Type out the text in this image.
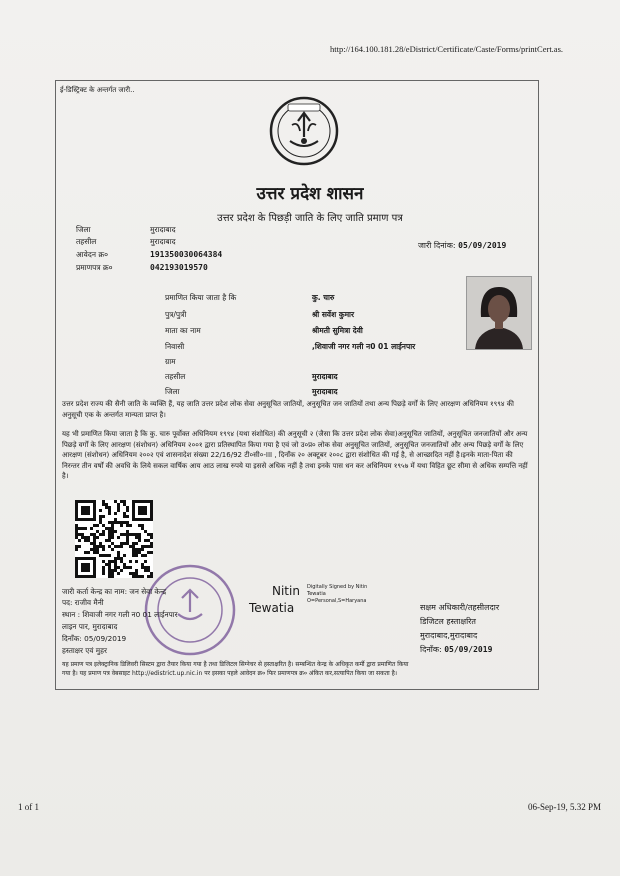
http://164.100.181.28/eDistrict/Certificate/Caste/Forms/printCert.as.
ई-डिस्ट्रिक्ट के अन्तर्गत जारी..
उत्तर प्रदेश शासन
उत्तर प्रदेश के पिछड़ी जाति के लिए जाति प्रमाण पत्र
जिला	मुरादाबाद
तहसील	मुरादाबाद
आवेदन क्र०	191350030064384
प्रमाणपत्र क्र०	042193019570
जारी दिनांक: 05/09/2019
प्रमाणित किया जाता है कि	कु. चारु
पुत्र/पुत्री	श्री सर्वेश कुमार
माता का नाम	श्रीमती सुमित्रा देवी
निवासी	,शिवाजी नगर गली न0 01 लाईनपार
ग्राम
तहसील	मुरादाबाद
जिला	मुरादाबाद
उत्तर प्रदेश राज्य की सैनी जाति के व्यक्ति हैं, यह जाति उत्तर प्रदेश लोक सेवा अनुसूचित जातियों, अनुसूचित जन जातियों तथा अन्य पिछड़े वर्गों के लिए आरक्षण अधिनियम १९९४ की अनुसूची एक के अन्तर्गत मान्यता प्राप्त है।
यह भी प्रमाणित किया जाता है कि कु. चारु पूर्वोक्त अधिनियम १९९४ (यथा संशोधित) की अनुसूची २ (जैसा कि उत्तर प्रदेश लोक सेवा)अनुसूचित जातियों, अनुसूचित जनजातियों और अन्य पिछड़े वर्गों के लिए आरक्षण (संशोधन) अधिनियम २००१ द्वारा प्रतिस्थापित किया गया है एवं जो उ०प्र० लोक सेवा अनुसूचित जातियों, अनुसूचित जनजातियों और अन्य पिछड़े वर्गों के लिए आरक्षण (संशोधन) अधिनियम २००२ एवं शासनादेश संख्या 22/16/92 टी०सी०-III , दिनाँक २० अक्टूबर २००८ द्वारा संशोधित की गई है, से आच्छादित नहीं है।इनके माता-पिता की निरन्तर तीन वर्षों की अवधि के लिये सकल वार्षिक आय आठ लाख रुपये या इससे अधिक नहीं है तथा इनके पास धन कर अधिनियम १९५७ में यथा विहित छूट सीमा से अधिक सम्पत्ति नहीं है।
जारी कर्ता केन्द्र का नाम: जन सेवा केन्द्र
पद: राजीव मैनी
स्थान : शिवाजी नगर गली न0 01 लाईनपार
लाइन पार, मुरादाबाद
दिनाँक: 05/09/2019
हस्ताक्षर एवं मुहर
Nitin
Tewatia
Digitally Signed by Nitin
Tewatia
O=Personal,S=Haryana
सक्षम अधिकारी/तहसीलदार
डिजिटल हस्ताक्षरित
मुरादाबाद,मुरादाबाद
दिनाँक: 05/09/2019
यह प्रमाण पत्र इलेक्ट्रानिक डिलिवरी सिस्टम द्वारा तैयार किया गया है तथा डिजिटल सिग्नेचर से हस्ताक्षरित है। सम्बन्धित केन्द्र के अधिकृत कर्मी द्वारा प्रमाणित किया
गया है। यह प्रमाण पत्र वेबसाइट http://edistrict.up.nic.in पर इसका पहले आवेदन क्र० फिर प्रमाणपत्र क्र० अंकित कर,सत्यापित किया जा सकता है।
1 of 1	06-Sep-19, 5.32 PM
